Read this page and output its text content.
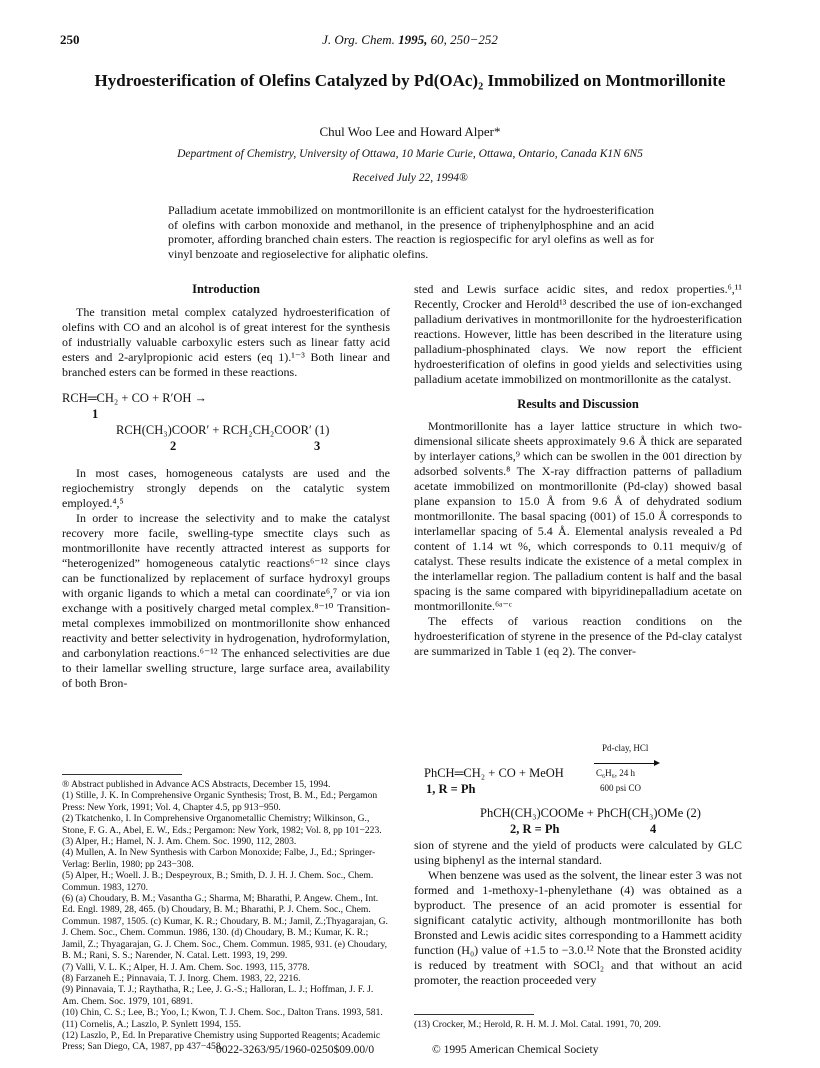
250	J. Org. Chem. 1995, 60, 250−252
Hydroesterification of Olefins Catalyzed by Pd(OAc)₂ Immobilized on Montmorillonite
Chul Woo Lee and Howard Alper*
Department of Chemistry, University of Ottawa, 10 Marie Curie, Ottawa, Ontario, Canada K1N 6N5
Received July 22, 1994®
Palladium acetate immobilized on montmorillonite is an efficient catalyst for the hydroesterification of olefins with carbon monoxide and methanol, in the presence of triphenylphosphine and an acid promoter, affording branched chain esters. The reaction is regiospecific for aryl olefins as well as for vinyl benzoate and regioselective for aliphatic olefins.
Introduction

The transition metal complex catalyzed hydroesterification of olefins with CO and an alcohol is of great interest for the synthesis of industrially valuable carboxylic esters such as linear fatty acid esters and 2-arylpropionic acid esters (eq 1).¹⁻³ Both linear and branched esters can be formed in these reactions.

RCH═CH₂ + CO + R′OH →
1
RCH(CH₃)COOR′ + RCH₂CH₂COOR′ (1)
2	3

In most cases, homogeneous catalysts are used and the regiochemistry strongly depends on the catalytic system employed.⁴,⁵

In order to increase the selectivity and to make the catalyst recovery more facile, swelling-type smectite clays such as montmorillonite have recently attracted interest as supports for “heterogenized” homogeneous catalytic reactions⁶⁻¹² since clays can be functionalized by replacement of surface hydroxyl groups with organic ligands to which a metal can coordinate⁶,⁷ or via ion exchange with a positively charged metal complex.⁸⁻¹⁰ Transition-metal complexes immobilized on montmorillonite show enhanced reactivity and better selectivity in hydrogenation, hydroformylation, and carbonylation reactions.⁶⁻¹² The enhanced selectivities are due to their lamellar swelling structure, large surface area, availability of both Bron-

® Abstract published in Advance ACS Abstracts, December 15, 1994.
(1) Stille, J. K. In Comprehensive Organic Synthesis; Trost, B. M., Ed.; Pergamon Press: New York, 1991; Vol. 4, Chapter 4.5, pp 913−950.
(2) Tkatchenko, I. In Comprehensive Organometallic Chemistry; Wilkinson, G., Stone, F. G. A., Abel, E. W., Eds.; Pergamon: New York, 1982; Vol. 8, pp 101−223.
(3) Alper, H.; Hamel, N. J. Am. Chem. Soc. 1990, 112, 2803.
(4) Mullen, A. In New Synthesis with Carbon Monoxide; Falbe, J., Ed.; Springer-Verlag: Berlin, 1980; pp 243−308.
(5) Alper, H.; Woell. J. B.; Despeyroux, B.; Smith, D. J. H. J. Chem. Soc., Chem. Commun. 1983, 1270.
(6) (a) Choudary, B. M.; Vasantha G.; Sharma, M; Bharathi, P. Angew. Chem., Int. Ed. Engl. 1989, 28, 465. (b) Choudary, B. M.; Bharathi, P. J. Chem. Soc., Chem. Commun. 1987, 1505. (c) Kumar, K. R.; Choudary, B. M.; Jamil, Z.;Thyagarajan, G. J. Chem. Soc., Chem. Commun. 1986, 130. (d) Choudary, B. M.; Kumar, K. R.; Jamil, Z.; Thyagarajan, G. J. Chem. Soc., Chem. Commun. 1985, 931. (e) Choudary, B. M.; Rani, S. S.; Narender, N. Catal. Lett. 1993, 19, 299.
(7) Valli, V. L. K.; Alper, H. J. Am. Chem. Soc. 1993, 115, 3778.
(8) Farzaneh E.; Pinnavaia, T. J. Inorg. Chem. 1983, 22, 2216.
(9) Pinnavaia, T. J.; Raythatha, R.; Lee, J. G.-S.; Halloran, L. J.; Hoffman, J. F. J. Am. Chem. Soc. 1979, 101, 6891.
(10) Chin, C. S.; Lee, B.; Yoo, I.; Kwon, T. J. Chem. Soc., Dalton Trans. 1993, 581.
(11) Cornelis, A.; Laszlo, P. Synlett 1994, 155.
(12) Laszlo, P., Ed. In Preparative Chemistry using Supported Reagents; Academic Press; San Diego, CA, 1987, pp 437−458.

sted and Lewis surface acidic sites, and redox properties.⁶,¹¹ Recently, Crocker and Herold¹³ described the use of ion-exchanged palladium derivatives in montmorillonite for the hydroesterification reactions. However, little has been described in the literature using palladium-phosphinated clays. We now report the efficient hydroesterification of olefins in good yields and selectivities using palladium acetate immobilized on montmorillonite as the catalyst.

Results and Discussion

Montmorillonite has a layer lattice structure in which two-dimensional silicate sheets approximately 9.6 Å thick are separated by interlayer cations,⁹ which can be swollen in the 001 direction by adsorbed solvents.⁸ The X-ray diffraction patterns of palladium acetate immobilized on montmorillonite (Pd-clay) showed basal plane expansion to 15.0 Å from 9.6 Å of dehydrated sodium montmorillonite. The basal spacing (001) of 15.0 Å corresponds to interlamellar spacing of 5.4 Å. Elemental analysis revealed a Pd content of 1.14 wt %, which corresponds to 0.11 mequiv/g of catalyst. These results indicate the existence of a metal complex in the interlamellar region. The palladium content is half and the basal spacing is the same compared with bipyridinepalladium acetate on montmorillonite.⁶ᵃ⁻ᶜ

The effects of various reaction conditions on the hydroesterification of styrene in the presence of the Pd-clay catalyst are summarized in Table 1 (eq 2). The conver-

Pd-clay, HCl
PhCH═CH₂ + CO + MeOH	C₆H₆, 24 h
600 psi CO
1, R = Ph
PhCH(CH₃)COOMe + PhCH(CH₃)OMe (2)
2, R = Ph	4

sion of styrene and the yield of products were calculated by GLC using biphenyl as the internal standard.

When benzene was used as the solvent, the linear ester 3 was not formed and 1-methoxy-1-phenylethane (4) was obtained as a byproduct. The presence of an acid promoter is essential for significant catalytic activity, although montmorillonite has both Bronsted and Lewis acidic sites corresponding to a Hammett acidity function (H₀) value of +1.5 to −3.0.¹² Note that the Bronsted acidity is reduced by treatment with SOCl₂ and that without an acid promoter, the reaction proceeded very

(13) Crocker, M.; Herold, R. H. M. J. Mol. Catal. 1991, 70, 209.
0022-3263/95/1960-0250$09.00/0	© 1995 American Chemical Society
